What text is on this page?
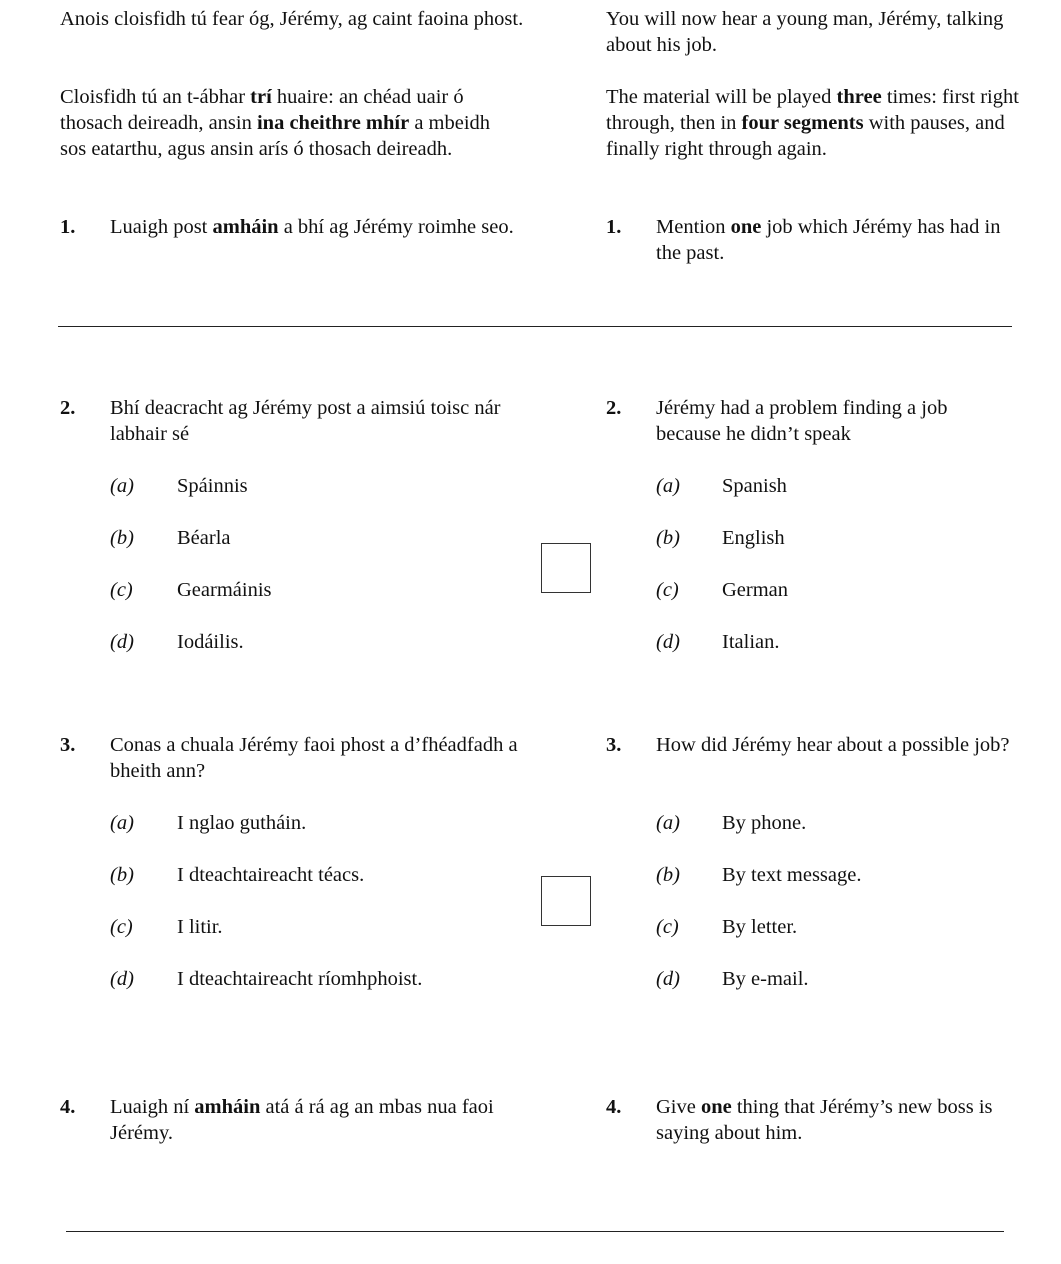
Anois cloisfidh tú fear óg, Jérémy, ag caint faoina phost.	You will now hear a young man, Jérémy, talking about his job.
Cloisfidh tú an t-ábhar trí huaire: an chéad uair ó thosach deireadh, ansin ina cheithre mhír a mbeidh sos eatarthu, agus ansin arís ó thosach deireadh.
The material will be played three times: first right through, then in four segments with pauses, and finally right through again.
1. Luaigh post amháin a bhí ag Jérémy roimhe seo.	1. Mention one job which Jérémy has had in the past.
2. Bhí deacracht ag Jérémy post a aimsiú toisc nár labhair sé
2. Jérémy had a problem finding a job because he didn’t speak
(a) Spáinnis
(b) Béarla
(c) Gearmáinis
(d) Iodáilis.
(a) Spanish
(b) English
(c) German
(d) Italian.
3. Conas a chuala Jérémy faoi phost a d’fhéadfadh a bheith ann?
3. How did Jérémy hear about a possible job?
(a) I nglao gutháin.
(b) I dteachtaireacht téacs.
(c) I litir.
(d) I dteachtaireacht ríomhphoist.
(a) By phone.
(b) By text message.
(c) By letter.
(d) By e-mail.
4. Luaigh ní amháin atá á rá ag an mbas nua faoi Jérémy.
4. Give one thing that Jérémy’s new boss is saying about him.
